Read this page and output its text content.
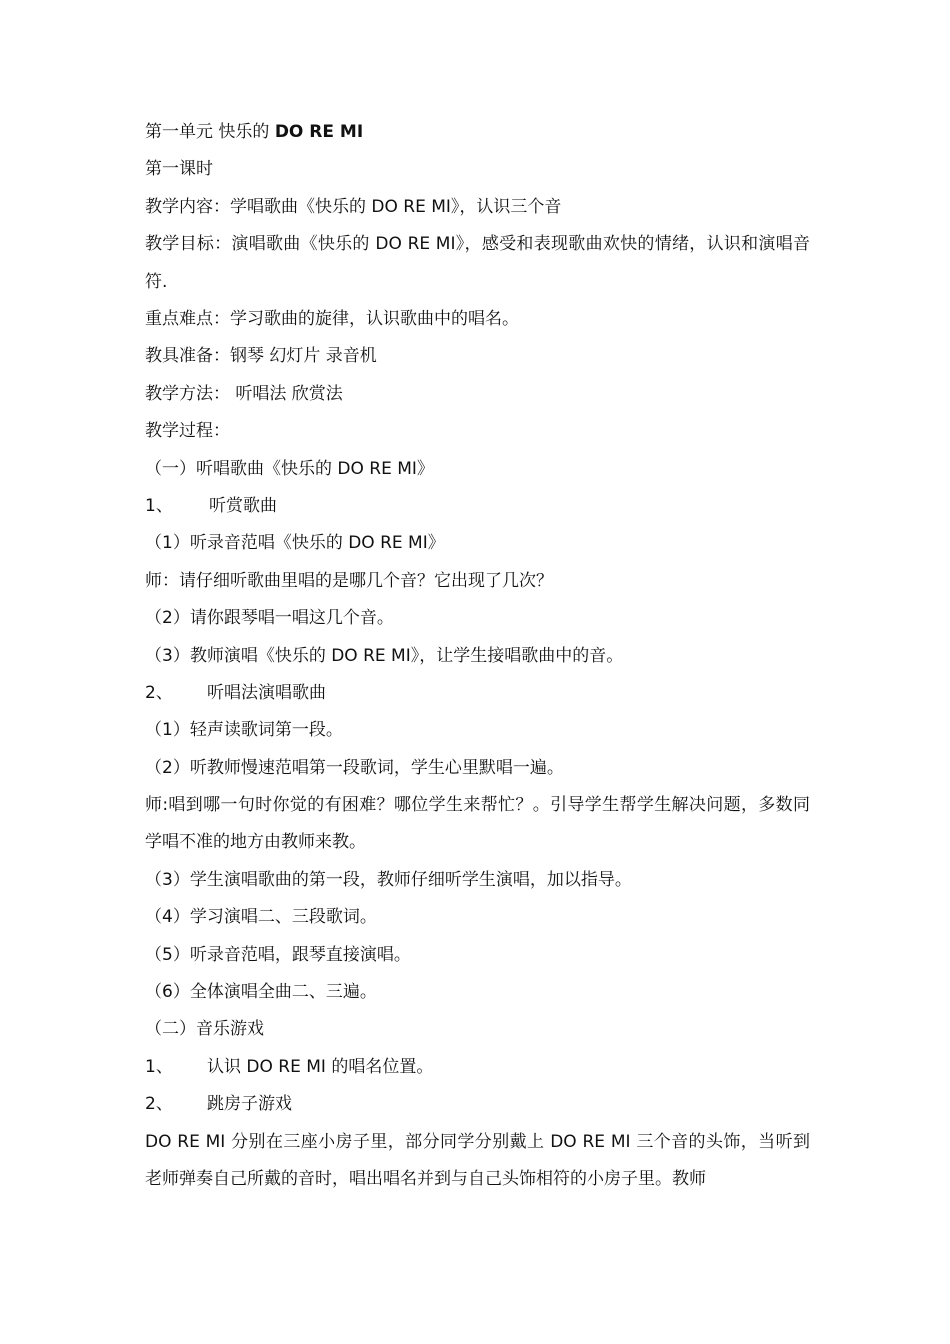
第一单元 快乐的 DO RE MI
第一课时
教学内容：学唱歌曲《快乐的 DO RE MI》，认识三个音
教学目标：演唱歌曲《快乐的 DO RE MI》，感受和表现歌曲欢快的情绪，认识和演唱音符.
重点难点：学习歌曲的旋律，认识歌曲中的唱名。
教具准备：钢琴 幻灯片 录音机
教学方法： 听唱法 欣赏法
教学过程：
（一）听唱歌曲《快乐的 DO RE MI》
1、 听赏歌曲
（1）听录音范唱《快乐的 DO RE MI》
师：请仔细听歌曲里唱的是哪几个音？它出现了几次？
（2）请你跟琴唱一唱这几个音。
（3）教师演唱《快乐的 DO RE MI》，让学生接唱歌曲中的音。
2、 听唱法演唱歌曲
（1）轻声读歌词第一段。
（2）听教师慢速范唱第一段歌词，学生心里默唱一遍。
师:唱到哪一句时你觉的有困难？哪位学生来帮忙？。引导学生帮学生解决问题，多数同学唱不准的地方由教师来教。
（3）学生演唱歌曲的第一段，教师仔细听学生演唱，加以指导。
（4）学习演唱二、三段歌词。
（5）听录音范唱，跟琴直接演唱。
（6）全体演唱全曲二、三遍。
（二）音乐游戏
1、 认识 DO RE MI 的唱名位置。
2、 跳房子游戏
DO RE MI 分别在三座小房子里，部分同学分别戴上 DO RE MI 三个音的头饰，当听到老师弹奏自己所戴的音时，唱出唱名并到与自己头饰相符的小房子里。教师
